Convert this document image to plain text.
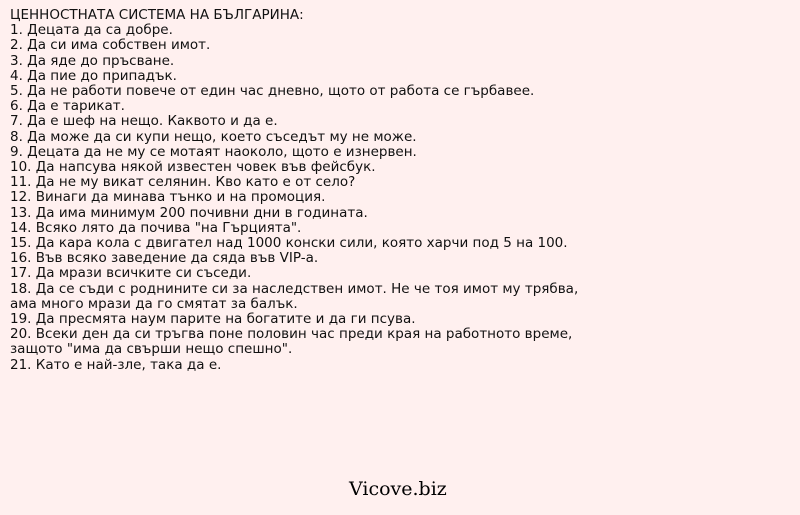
ЦЕННОСТНАТА СИСТЕМА НА БЪЛГАРИНА:
1. Децата да са добре.
2. Да си има собствен имот.
3. Да яде до пръсване.
4. Да пие до припадък.
5. Да не работи повече от един час дневно, щото от работа се гърбавее.
6. Да е тарикат.
7. Да е шеф на нещо. Каквото и да е.
8. Да може да си купи нещо, което съседът му не може.
9. Децата да не му се мотаят наоколо, щото е изнервен.
10. Да напсува някой известен човек във фейсбук.
11. Да не му викат селянин. Кво като е от село?
12. Винаги да минава тънко и на промоция.
13. Да има минимум 200 почивни дни в годината.
14. Всяко лято да почива "на Гърцията".
15. Да кара кола с двигател над 1000 конски сили, която харчи под 5 на 100.
16. Във всяко заведение да сяда във VIP-а.
17. Да мрази всичките си съседи.
18. Да се съди с роднините си за наследствен имот. Не че тоя имот му трябва,
ама много мрази да го смятат за балък.
19. Да пресмята наум парите на богатите и да ги псува.
20. Всеки ден да си тръгва поне половин час преди края на работното време,
защото "има да свърши нещо спешно".
21. Като е най-зле, така да е.
Vicove.biz
